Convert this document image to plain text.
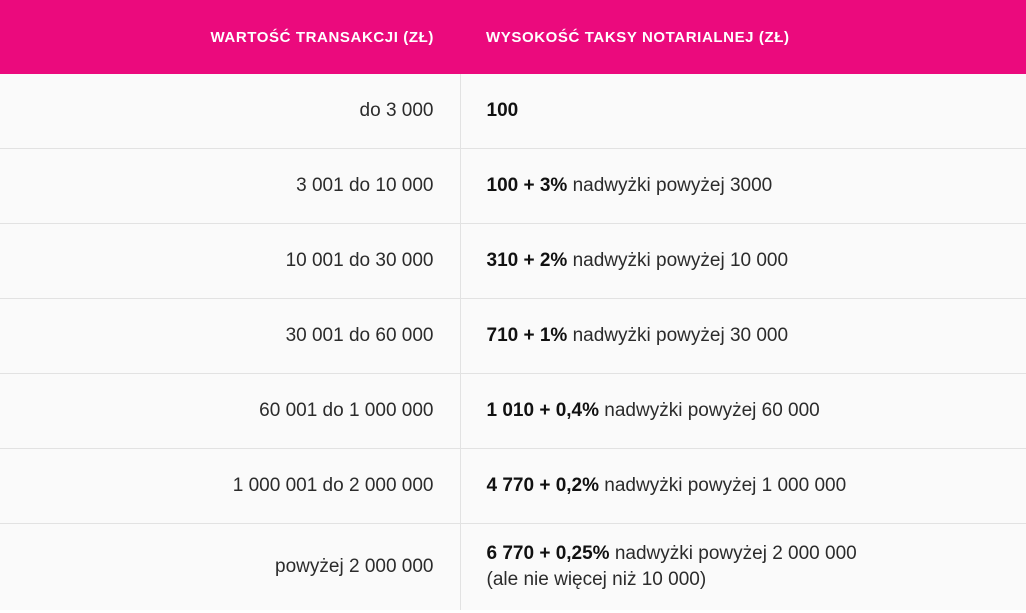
WARTOŚĆ TRANSAKCJI (ZŁ)	WYSOKOŚĆ TAKSY NOTARIALNEJ (ZŁ)
do 3 000	100
3 001 do 10 000	100 + 3% nadwyżki powyżej 3000
10 001 do 30 000	310 + 2% nadwyżki powyżej 10 000
30 001 do 60 000	710 + 1% nadwyżki powyżej 30 000
60 001 do 1 000 000	1 010 + 0,4% nadwyżki powyżej 60 000
1 000 001 do 2 000 000	4 770 + 0,2% nadwyżki powyżej 1 000 000
powyżej 2 000 000	6 770 + 0,25% nadwyżki powyżej 2 000 000
(ale nie więcej niż 10 000)
